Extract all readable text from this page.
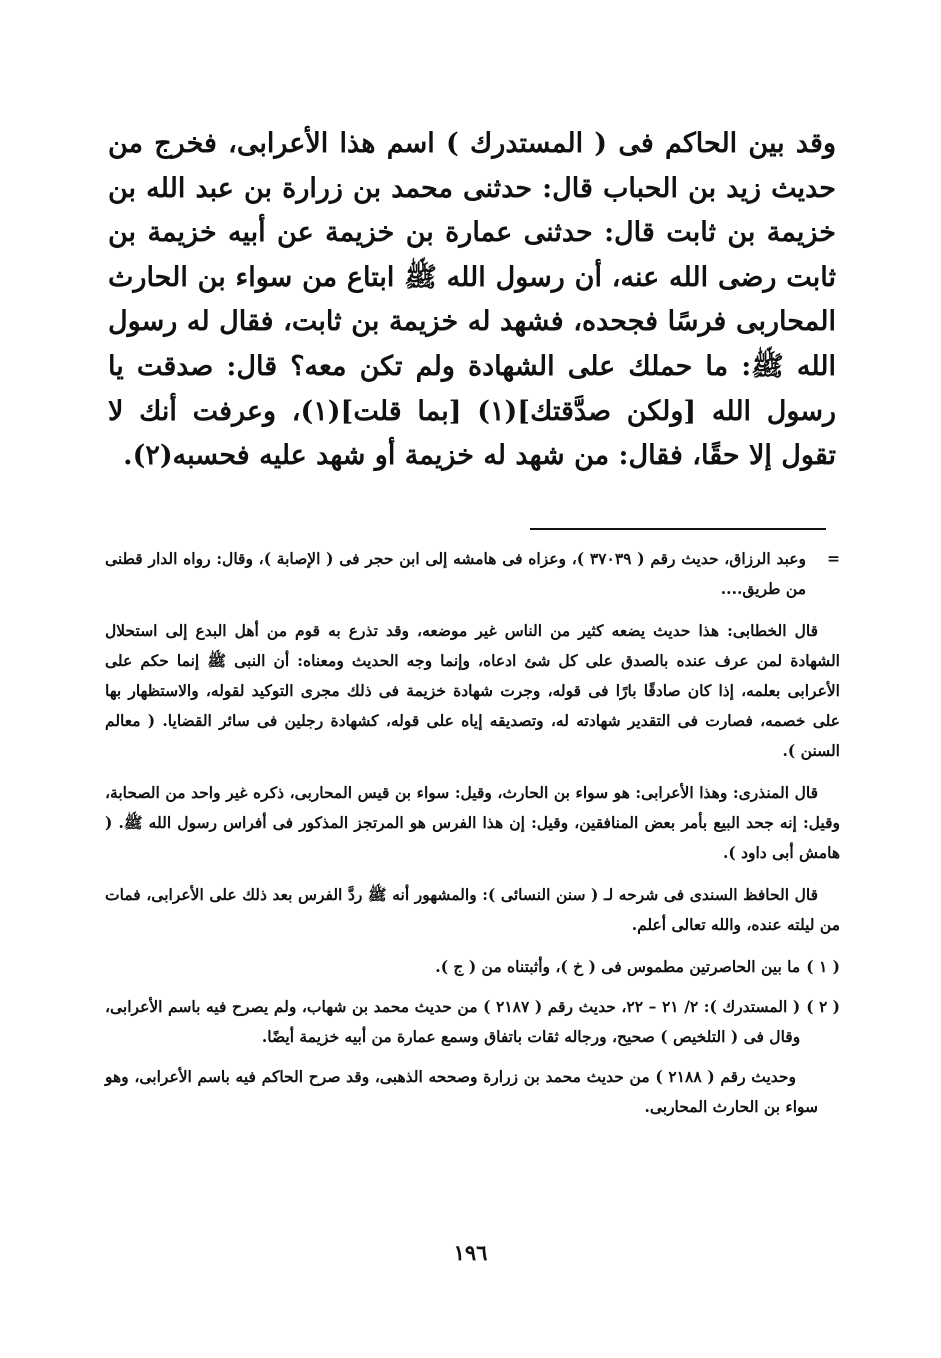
وقد بين الحاكم فى ( المستدرك ) اسم هذا الأعرابى، فخرج من حديث زيد بن الحباب قال: حدثنى محمد بن زرارة بن عبد الله بن خزيمة بن ثابت قال: حدثنى عمارة بن خزيمة عن أبيه خزيمة بن ثابت رضى الله عنه، أن رسول الله ﷺ ابتاع من سواء بن الحارث المحاربى فرسًا فجحده، فشهد له خزيمة بن ثابت، فقال له رسول الله ﷺ: ما حملك على الشهادة ولم تكن معه؟ قال: صدقت يا رسول الله [ولكن صدَّقتك](١) [بما قلت](١)، وعرفت أنك لا تقول إلا حقًا، فقال: من شهد له خزيمة أو شهد عليه فحسبه(٢).

=
وعبد الرزاق، حديث رقم ( ٣٧٠٣٩ )، وعزاه فى هامشه إلى ابن حجر فى ( الإصابة )، وقال: رواه الدار قطنى من طريق....

قال الخطابى: هذا حديث يضعه كثير من الناس غير موضعه، وقد تذرع به قوم من أهل البدع إلى استحلال الشهادة لمن عرف عنده بالصدق على كل شئ ادعاه، وإنما وجه الحديث ومعناه: أن النبى ﷺ إنما حكم على الأعرابى بعلمه، إذا كان صادقًا بارًا فى قوله، وجرت شهادة خزيمة فى ذلك مجرى التوكيد لقوله، والاستظهار بها على خصمه، فصارت فى التقدير شهادته له، وتصديقه إياه على قوله، كشهادة رجلين فى سائر القضايا. ( معالم السنن ).

قال المنذرى: وهذا الأعرابى: هو سواء بن الحارث، وقيل: سواء بن قيس المحاربى، ذكره غير واحد من الصحابة، وقيل: إنه جحد البيع بأمر بعض المنافقين، وقيل: إن هذا الفرس هو المرتجز المذكور فى أفراس رسول الله ﷺ. ( هامش أبى داود ).

قال الحافظ السندى فى شرحه لـ ( سنن النسائى ): والمشهور أنه ﷺ ردَّ الفرس بعد ذلك على الأعرابى، فمات من ليلته عنده، والله تعالى أعلم.

( ١ )
ما بين الحاصرتين مطموس فى ( خ )، وأثبتناه من ( ج ).
( ٢ )
( المستدرك ): ٢/ ٢١ – ٢٢، حديث رقم ( ٢١٨٧ ) من حديث محمد بن شهاب، ولم يصرح فيه باسم الأعرابى، وقال فى ( التلخيص ) صحيح، ورجاله ثقات باتفاق وسمع عمارة من أبيه خزيمة أيضًا.

وحديث رقم ( ٢١٨٨ ) من حديث محمد بن زرارة وصححه الذهبى، وقد صرح الحاكم فيه باسم الأعرابى، وهو سواء بن الحارث المحاربى.

١٩٦
